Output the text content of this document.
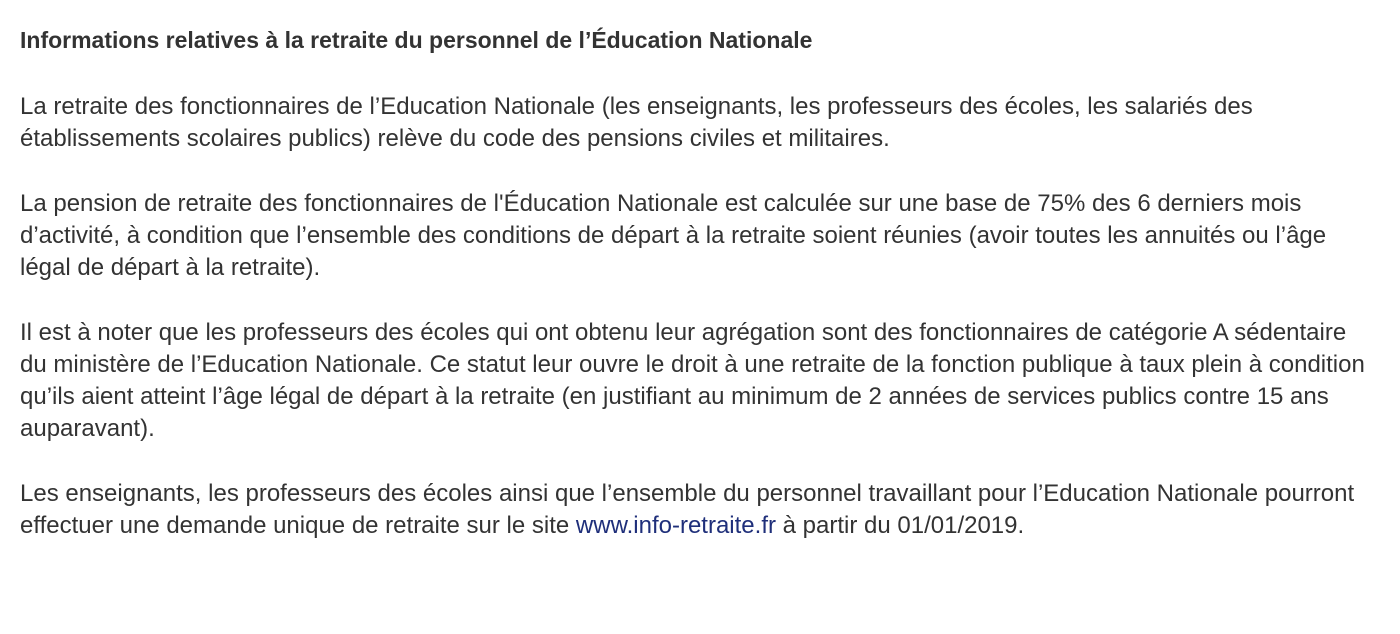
Informations relatives à la retraite du personnel de l’Éducation Nationale

La retraite des fonctionnaires de l’Education Nationale (les enseignants, les professeurs des écoles, les salariés des établissements scolaires publics) relève du code des pensions civiles et militaires.

La pension de retraite des fonctionnaires de l'Éducation Nationale est calculée sur une base de 75% des 6 derniers mois d’activité, à condition que l’ensemble des conditions de départ à la retraite soient réunies (avoir toutes les annuités ou l’âge légal de départ à la retraite).

Il est à noter que les professeurs des écoles qui ont obtenu leur agrégation sont des fonctionnaires de catégorie A sédentaire du ministère de l’Education Nationale. Ce statut leur ouvre le droit à une retraite de la fonction publique à taux plein à condition qu’ils aient atteint l’âge légal de départ à la retraite (en justifiant au minimum de 2 années de services publics contre 15 ans auparavant).

Les enseignants, les professeurs des écoles ainsi que l’ensemble du personnel travaillant pour l’Education Nationale pourront effectuer une demande unique de retraite sur le site www.info-retraite.fr à partir du 01/01/2019.
